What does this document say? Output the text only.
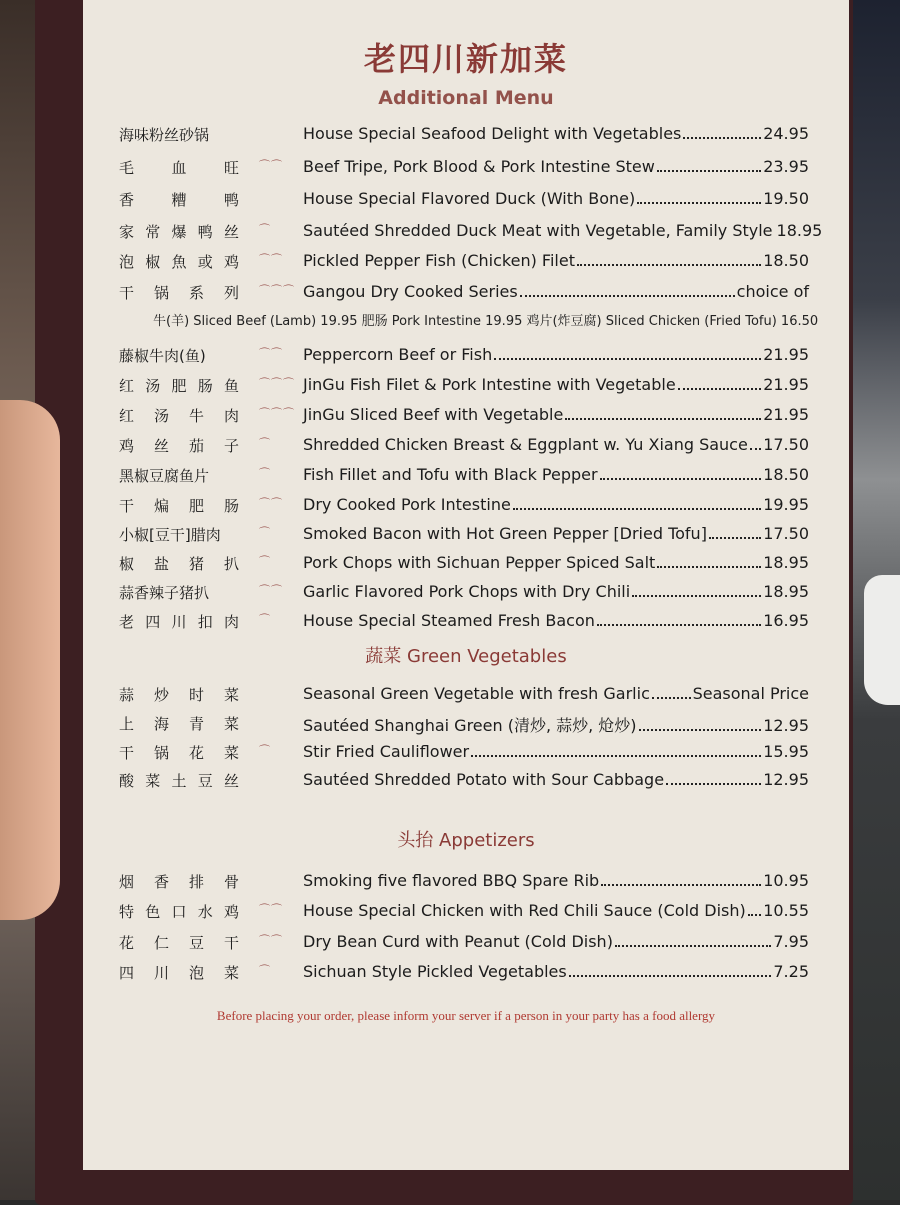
老四川新加菜
Additional Menu
海味粉丝砂锅	House Special Seafood Delight with Vegetables	24.95
毛血旺 ⌒⌒ Beef Tripe, Pork Blood & Pork Intestine Stew	23.95
香糟鸭	House Special Flavored Duck (With Bone)	19.50
家常爆鸭丝 ⌒ Sautéed Shredded Duck Meat with Vegetable, Family Style 18.95
泡椒魚或鸡 ⌒⌒ Pickled Pepper Fish (Chicken) Filet	18.50
干锅系列 ⌒⌒⌒ Gangou Dry Cooked Series	choice of
藤椒牛肉(鱼)	⌒⌒ Peppercorn Beef or Fish	21.95
红汤肥肠鱼 ⌒⌒⌒ JinGu Fish Filet & Pork Intestine with Vegetable	21.95
红汤牛肉 ⌒⌒⌒ JinGu Sliced Beef with Vegetable	21.95
鸡丝茄子 ⌒ Shredded Chicken Breast & Eggplant w. Yu Xiang Sauce 17.50
黑椒豆腐鱼片	⌒ Fish Fillet and Tofu with Black Pepper	18.50
干煸肥肠 ⌒⌒ Dry Cooked Pork Intestine	19.95
小椒[豆干]腊肉	⌒ Smoked Bacon with Hot Green Pepper [Dried Tofu]	17.50
椒盐猪扒 ⌒ Pork Chops with Sichuan Pepper Spiced Salt	18.95
蒜香辣子猪扒	⌒⌒ Garlic Flavored Pork Chops with Dry Chili	18.95
老四川扣肉 ⌒ House Special Steamed Fresh Bacon	16.95
蒜炒时菜	Seasonal Green Vegetable with fresh Garlic	Seasonal Price
上海青菜	Sautéed Shanghai Green (清炒, 蒜炒, 炝炒)	12.95
干锅花菜 ⌒ Stir Fried Cauliflower	15.95
酸菜土豆丝	Sautéed Shredded Potato with Sour Cabbage	12.95
烟香排骨	Smoking five flavored BBQ Spare Rib	10.95
特色口水鸡 ⌒⌒ House Special Chicken with Red Chili Sauce (Cold Dish) 10.55
花仁豆干 ⌒⌒ Dry Bean Curd with Peanut (Cold Dish)	7.95
四川泡菜 ⌒ Sichuan Style Pickled Vegetables	7.25
牛(羊) Sliced Beef (Lamb) 19.95 肥肠 Pork Intestine 19.95 鸡片(炸豆腐) Sliced Chicken (Fried Tofu) 16.50
蔬菜 Green Vegetables
头抬 Appetizers
Before placing your order, please inform your server if a person in your party has a food allergy
